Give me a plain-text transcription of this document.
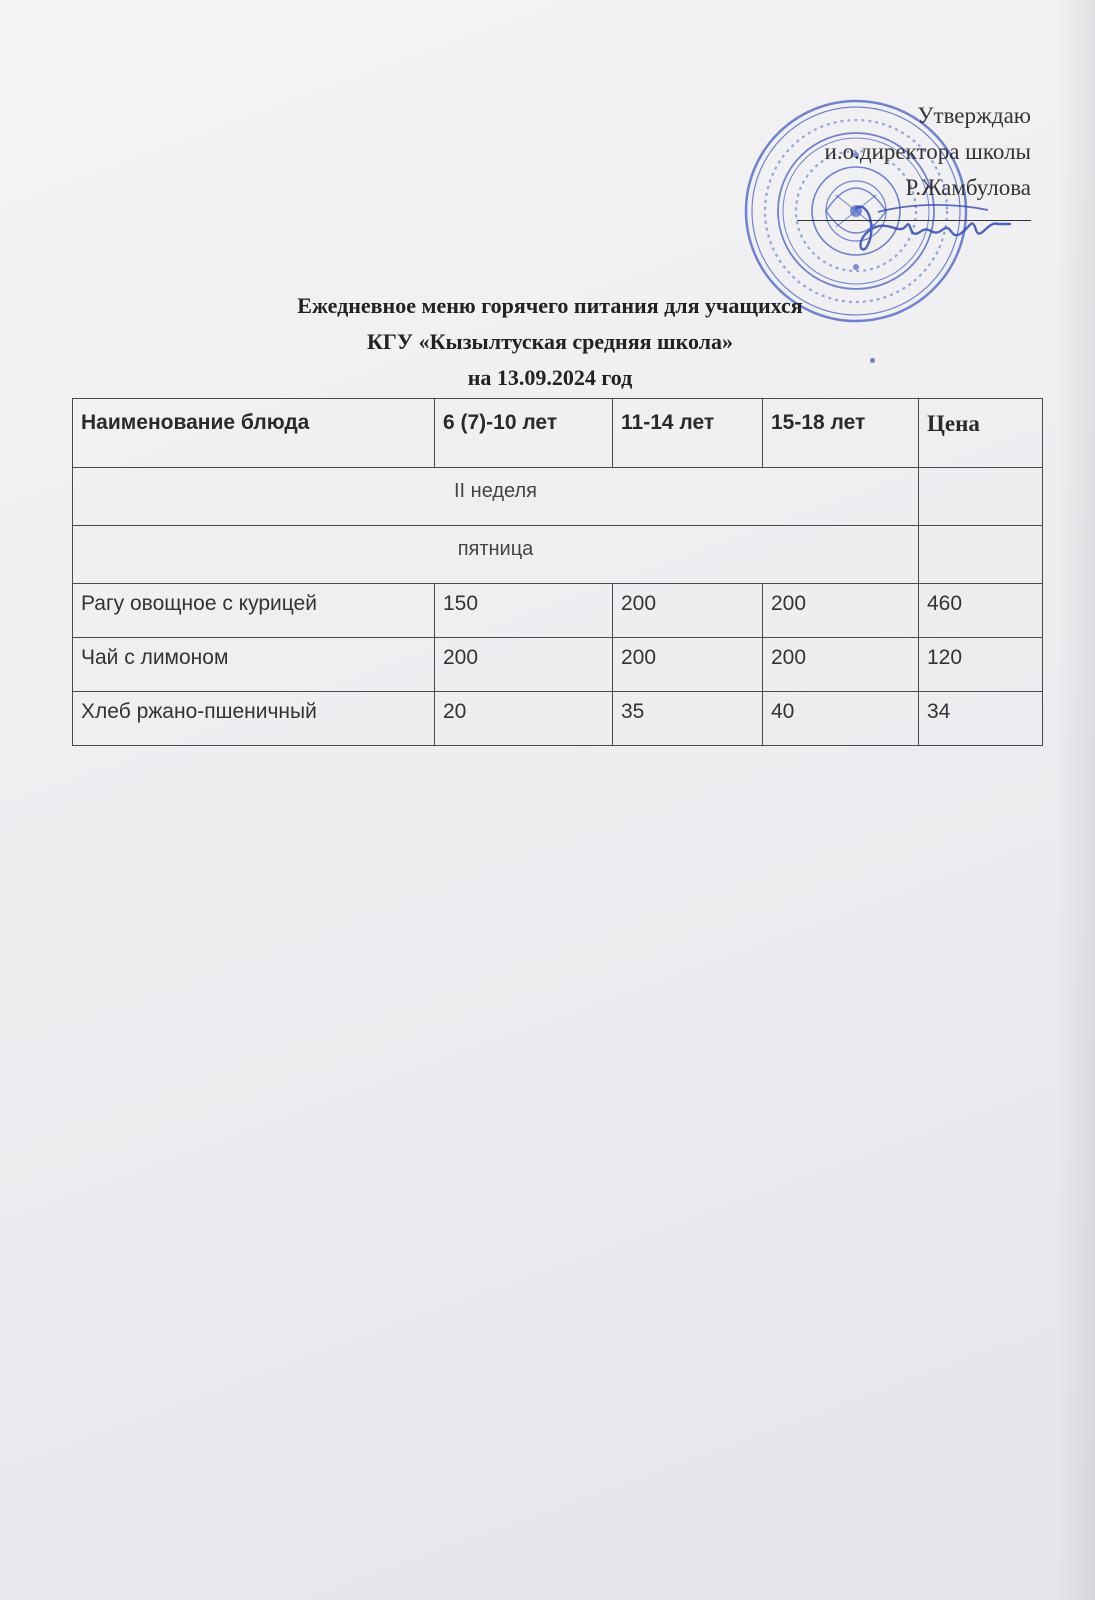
Утверждаю
и.о.директора школы
Р.Жамбулова
Ежедневное меню горячего питания для учащихся
КГУ «Кызылтуская средняя школа»
на 13.09.2024 год
Наименование блюда	6 (7)-10 лет	11-14 лет	15-18 лет	Цена
II неделя				
пятница				
Рагу овощное с курицей	150	200	200	460
Чай с лимоном	200	200	200	120
Хлеб ржано-пшеничный	20	35	40	34
